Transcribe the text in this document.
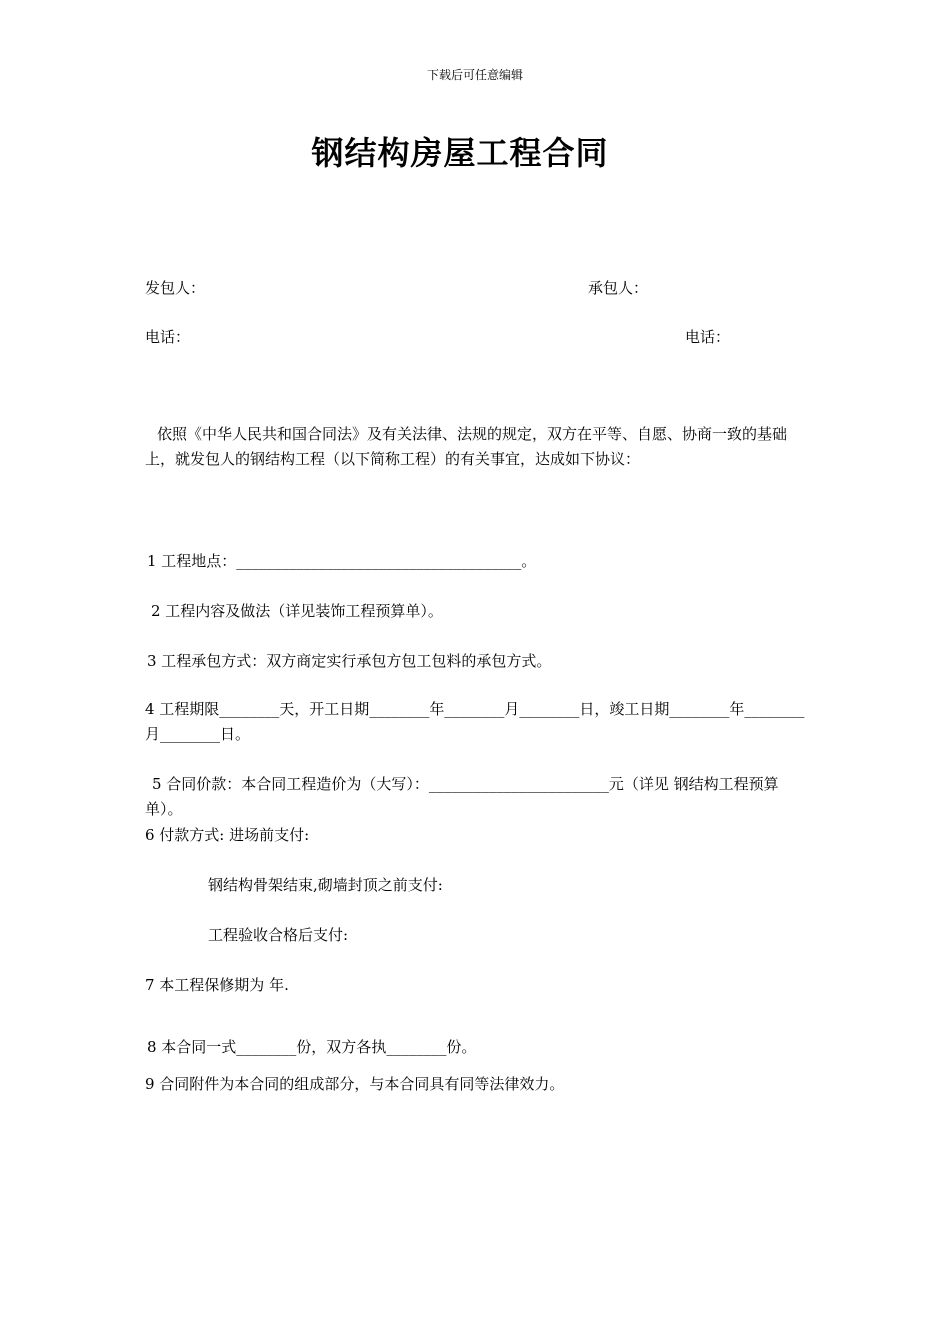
下载后可任意编辑
钢结构房屋工程合同
发包人：	承包人：
电话：	电话：
依照《中华人民共和国合同法》及有关法律、法规的规定，双方在平等、自愿、协商一致的基础上，就发包人的钢结构工程（以下简称工程）的有关事宜，达成如下协议：
1 工程地点：______________________________________。
2 工程内容及做法（详见装饰工程预算单）。
3 工程承包方式：双方商定实行承包方包工包料的承包方式。
4 工程期限________天，开工日期________年________月________日，竣工日期________年________月________日。
5 合同价款：本合同工程造价为（大写）：________________________元（详见 钢结构工程预算单）。
6 付款方式: 进场前支付:
钢结构骨架结束,砌墙封顶之前支付:
工程验收合格后支付:
7 本工程保修期为 年.
8 本合同一式________份，双方各执________份。
9 合同附件为本合同的组成部分，与本合同具有同等法律效力。
